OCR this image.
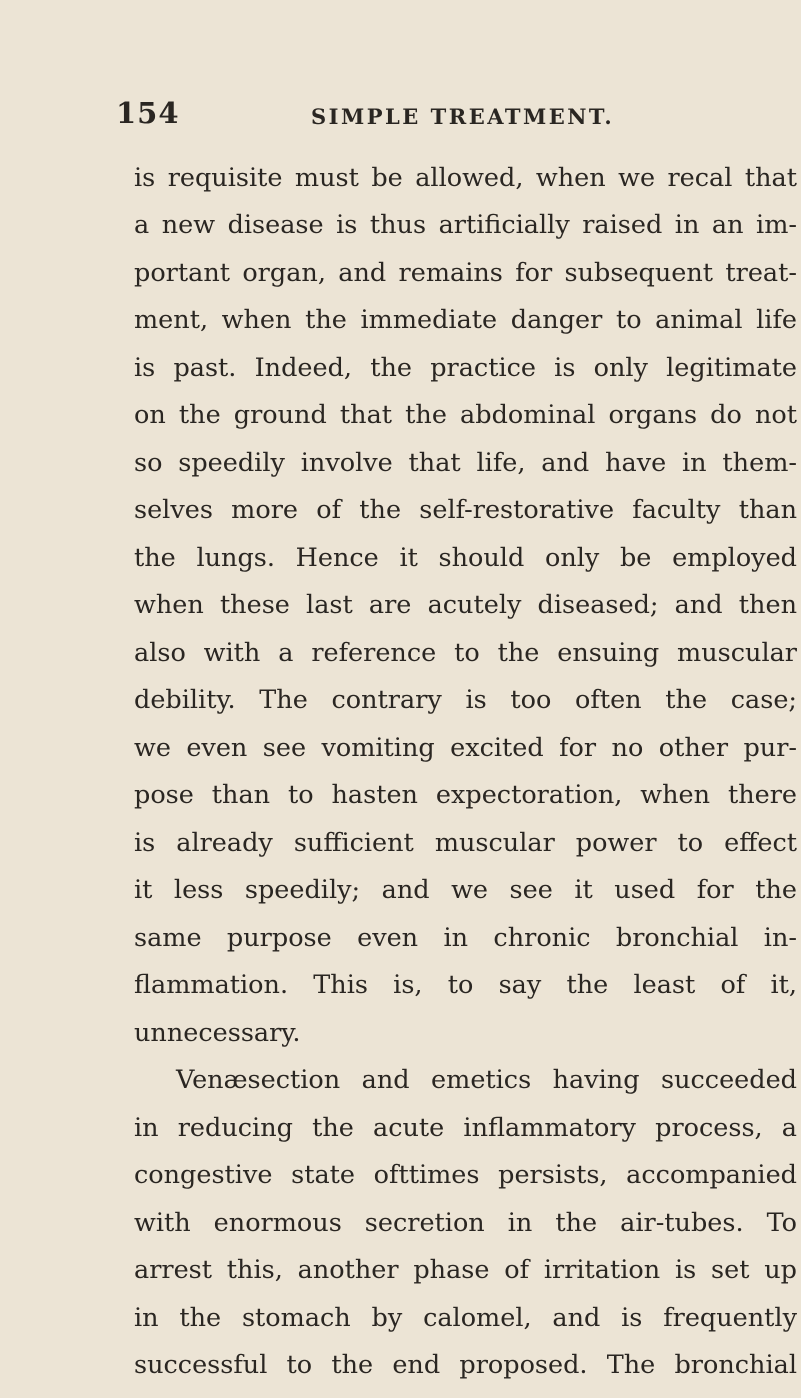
154	SIMPLE TREATMENT.
is requisite must be allowed, when we recal that
a new disease is thus artificially raised in an im-
portant organ, and remains for subsequent treat-
ment, when the immediate danger to animal life
is past. Indeed, the practice is only legitimate
on the ground that the abdominal organs do not
so speedily involve that life, and have in them-
selves more of the self-restorative faculty than
the lungs. Hence it should only be employed
when these last are acutely diseased; and then
also with a reference to the ensuing muscular
debility. The contrary is too often the case;
we even see vomiting excited for no other pur-
pose than to hasten expectoration, when there
is already sufficient muscular power to effect
it less speedily; and we see it used for the
same purpose even in chronic bronchial in-
flammation. This is, to say the least of it,
unnecessary.
Venæsection and emetics having succeeded
in reducing the acute inflammatory process, a
congestive state ofttimes persists, accompanied
with enormous secretion in the air-tubes. To
arrest this, another phase of irritation is set up
in the stomach by calomel, and is frequently
successful to the end proposed. The bronchial
